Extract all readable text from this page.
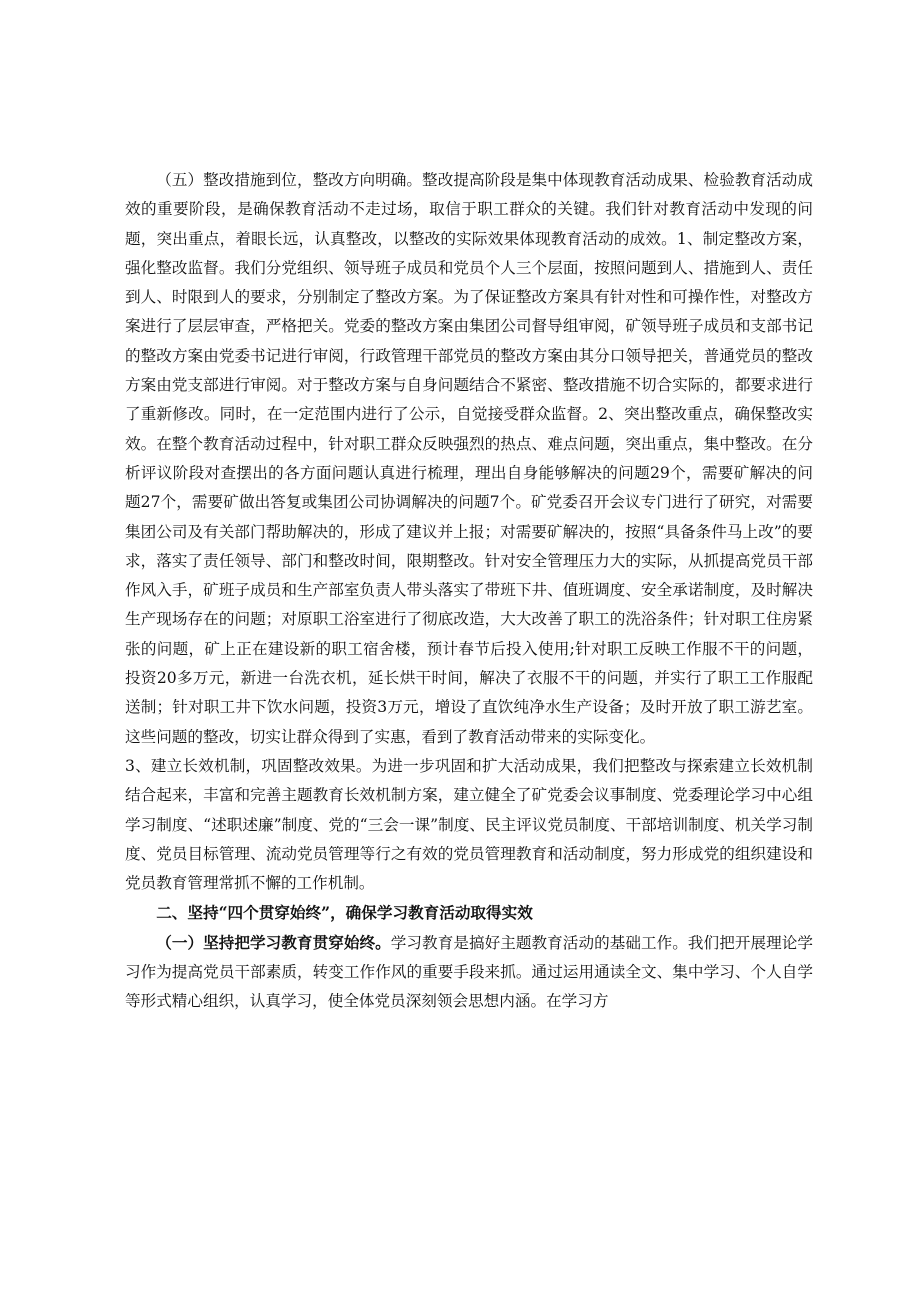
（五）整改措施到位，整改方向明确。整改提高阶段是集中体现教育活动成果、检验教育活动成效的重要阶段，是确保教育活动不走过场，取信于职工群众的关键。我们针对教育活动中发现的问题，突出重点，着眼长远，认真整改，以整改的实际效果体现教育活动的成效。1、制定整改方案，强化整改监督。我们分党组织、领导班子成员和党员个人三个层面，按照问题到人、措施到人、责任到人、时限到人的要求，分别制定了整改方案。为了保证整改方案具有针对性和可操作性，对整改方案进行了层层审查，严格把关。党委的整改方案由集团公司督导组审阅，矿领导班子成员和支部书记的整改方案由党委书记进行审阅，行政管理干部党员的整改方案由其分口领导把关，普通党员的整改方案由党支部进行审阅。对于整改方案与自身问题结合不紧密、整改措施不切合实际的，都要求进行了重新修改。同时，在一定范围内进行了公示，自觉接受群众监督。2、突出整改重点，确保整改实效。在整个教育活动过程中，针对职工群众反映强烈的热点、难点问题，突出重点，集中整改。在分析评议阶段对查摆出的各方面问题认真进行梳理，理出自身能够解决的问题29个，需要矿解决的问题27个，需要矿做出答复或集团公司协调解决的问题7个。矿党委召开会议专门进行了研究，对需要集团公司及有关部门帮助解决的，形成了建议并上报；对需要矿解决的，按照“具备条件马上改”的要求，落实了责任领导、部门和整改时间，限期整改。针对安全管理压力大的实际，从抓提高党员干部作风入手，矿班子成员和生产部室负责人带头落实了带班下井、值班调度、安全承诺制度，及时解决生产现场存在的问题；对原职工浴室进行了彻底改造，大大改善了职工的洗浴条件；针对职工住房紧张的问题，矿上正在建设新的职工宿舍楼，预计春节后投入使用;针对职工反映工作服不干的问题，投资20多万元，新进一台洗衣机，延长烘干时间，解决了衣服不干的问题，并实行了职工工作服配送制；针对职工井下饮水问题，投资3万元，增设了直饮纯净水生产设备；及时开放了职工游艺室。这些问题的整改，切实让群众得到了实惠，看到了教育活动带来的实际变化。

3、建立长效机制，巩固整改效果。为进一步巩固和扩大活动成果，我们把整改与探索建立长效机制结合起来，丰富和完善主题教育长效机制方案，建立健全了矿党委会议事制度、党委理论学习中心组学习制度、“述职述廉”制度、党的“三会一课”制度、民主评议党员制度、干部培训制度、机关学习制度、党员目标管理、流动党员管理等行之有效的党员管理教育和活动制度，努力形成党的组织建设和党员教育管理常抓不懈的工作机制。

二、坚持“四个贯穿始终”，确保学习教育活动取得实效

（一）坚持把学习教育贯穿始终。学习教育是搞好主题教育活动的基础工作。我们把开展理论学习作为提高党员干部素质，转变工作作风的重要手段来抓。通过运用通读全文、集中学习、个人自学等形式精心组织，认真学习，使全体党员深刻领会思想内涵。在学习方
